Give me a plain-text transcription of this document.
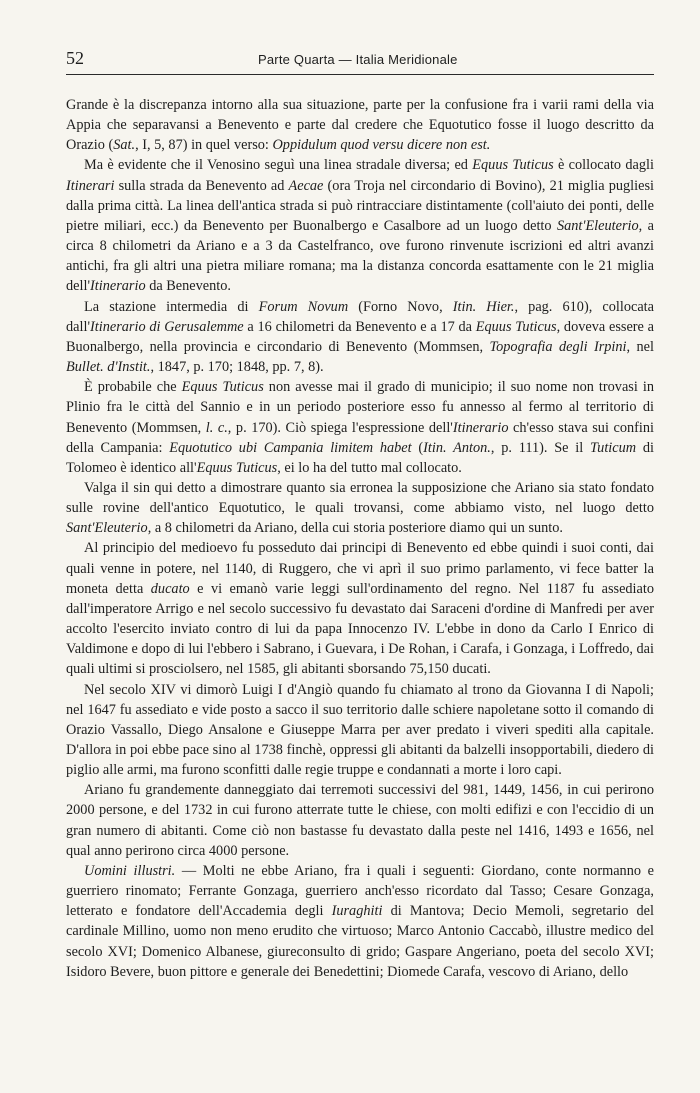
52	Parte Quarta — Italia Meridionale

Grande è la discrepanza intorno alla sua situazione, parte per la confusione fra i varii rami della via Appia che separavansi a Benevento e parte dal credere che Equotutico fosse il luogo descritto da Orazio (Sat., I, 5, 87) in quel verso: Oppidulum quod versu dicere non est.

Ma è evidente che il Venosino seguì una linea stradale diversa; ed Equus Tuticus è collocato dagli Itinerari sulla strada da Benevento ad Aecae (ora Troja nel circondario di Bovino), 21 miglia pugliesi dalla prima città. La linea dell'antica strada si può rintracciare distintamente (coll'aiuto dei ponti, delle pietre miliari, ecc.) da Benevento per Buonalbergo e Casalbore ad un luogo detto Sant'Eleuterio, a circa 8 chilometri da Ariano e a 3 da Castelfranco, ove furono rinvenute iscrizioni ed altri avanzi antichi, fra gli altri una pietra miliare romana; ma la distanza concorda esattamente con le 21 miglia dell'Itinerario da Benevento.

La stazione intermedia di Forum Novum (Forno Novo, Itin. Hier., pag. 610), collocata dall'Itinerario di Gerusalemme a 16 chilometri da Benevento e a 17 da Equus Tuticus, doveva essere a Buonalbergo, nella provincia e circondario di Benevento (Mommsen, Topografia degli Irpini, nel Bullet. d'Instit., 1847, p. 170; 1848, pp. 7, 8).

È probabile che Equus Tuticus non avesse mai il grado di municipio; il suo nome non trovasi in Plinio fra le città del Sannio e in un periodo posteriore esso fu annesso al fermo al territorio di Benevento (Mommsen, l. c., p. 170). Ciò spiega l'espressione dell'Itinerario ch'esso stava sui confini della Campania: Equotutico ubi Campania limitem habet (Itin. Anton., p. 111). Se il Tuticum di Tolomeo è identico all'Equus Tuticus, ei lo ha del tutto mal collocato.

Valga il sin qui detto a dimostrare quanto sia erronea la supposizione che Ariano sia stato fondato sulle rovine dell'antico Equotutico, le quali trovansi, come abbiamo visto, nel luogo detto Sant'Eleuterio, a 8 chilometri da Ariano, della cui storia posteriore diamo qui un sunto.

Al principio del medioevo fu posseduto dai principi di Benevento ed ebbe quindi i suoi conti, dai quali venne in potere, nel 1140, di Ruggero, che vi aprì il suo primo parlamento, vi fece batter la moneta detta ducato e vi emanò varie leggi sull'ordinamento del regno. Nel 1187 fu assediato dall'imperatore Arrigo e nel secolo successivo fu devastato dai Saraceni d'ordine di Manfredi per aver accolto l'esercito inviato contro di lui da papa Innocenzo IV. L'ebbe in dono da Carlo I Enrico di Valdimone e dopo di lui l'ebbero i Sabrano, i Guevara, i De Rohan, i Carafa, i Gonzaga, i Loffredo, dai quali ultimi si prosciolsero, nel 1585, gli abitanti sborsando 75,150 ducati.

Nel secolo XIV vi dimorò Luigi I d'Angiò quando fu chiamato al trono da Giovanna I di Napoli; nel 1647 fu assediato e vide posto a sacco il suo territorio dalle schiere napoletane sotto il comando di Orazio Vassallo, Diego Ansalone e Giuseppe Marra per aver predato i viveri spediti alla capitale. D'allora in poi ebbe pace sino al 1738 finchè, oppressi gli abitanti da balzelli insopportabili, diedero di piglio alle armi, ma furono sconfitti dalle regie truppe e condannati a morte i loro capi.

Ariano fu grandemente danneggiato dai terremoti successivi del 981, 1449, 1456, in cui perirono 2000 persone, e del 1732 in cui furono atterrate tutte le chiese, con molti edifizi e con l'eccidio di un gran numero di abitanti. Come ciò non bastasse fu devastato dalla peste nel 1416, 1493 e 1656, nel qual anno perirono circa 4000 persone.

Uomini illustri. — Molti ne ebbe Ariano, fra i quali i seguenti: Giordano, conte normanno e guerriero rinomato; Ferrante Gonzaga, guerriero anch'esso ricordato dal Tasso; Cesare Gonzaga, letterato e fondatore dell'Accademia degli Iuraghiti di Mantova; Decio Memoli, segretario del cardinale Millino, uomo non meno erudito che virtuoso; Marco Antonio Caccabò, illustre medico del secolo XVI; Domenico Albanese, giureconsulto di grido; Gaspare Angeriano, poeta del secolo XVI; Isidoro Bevere, buon pittore e generale dei Benedettini; Diomede Carafa, vescovo di Ariano, dello
